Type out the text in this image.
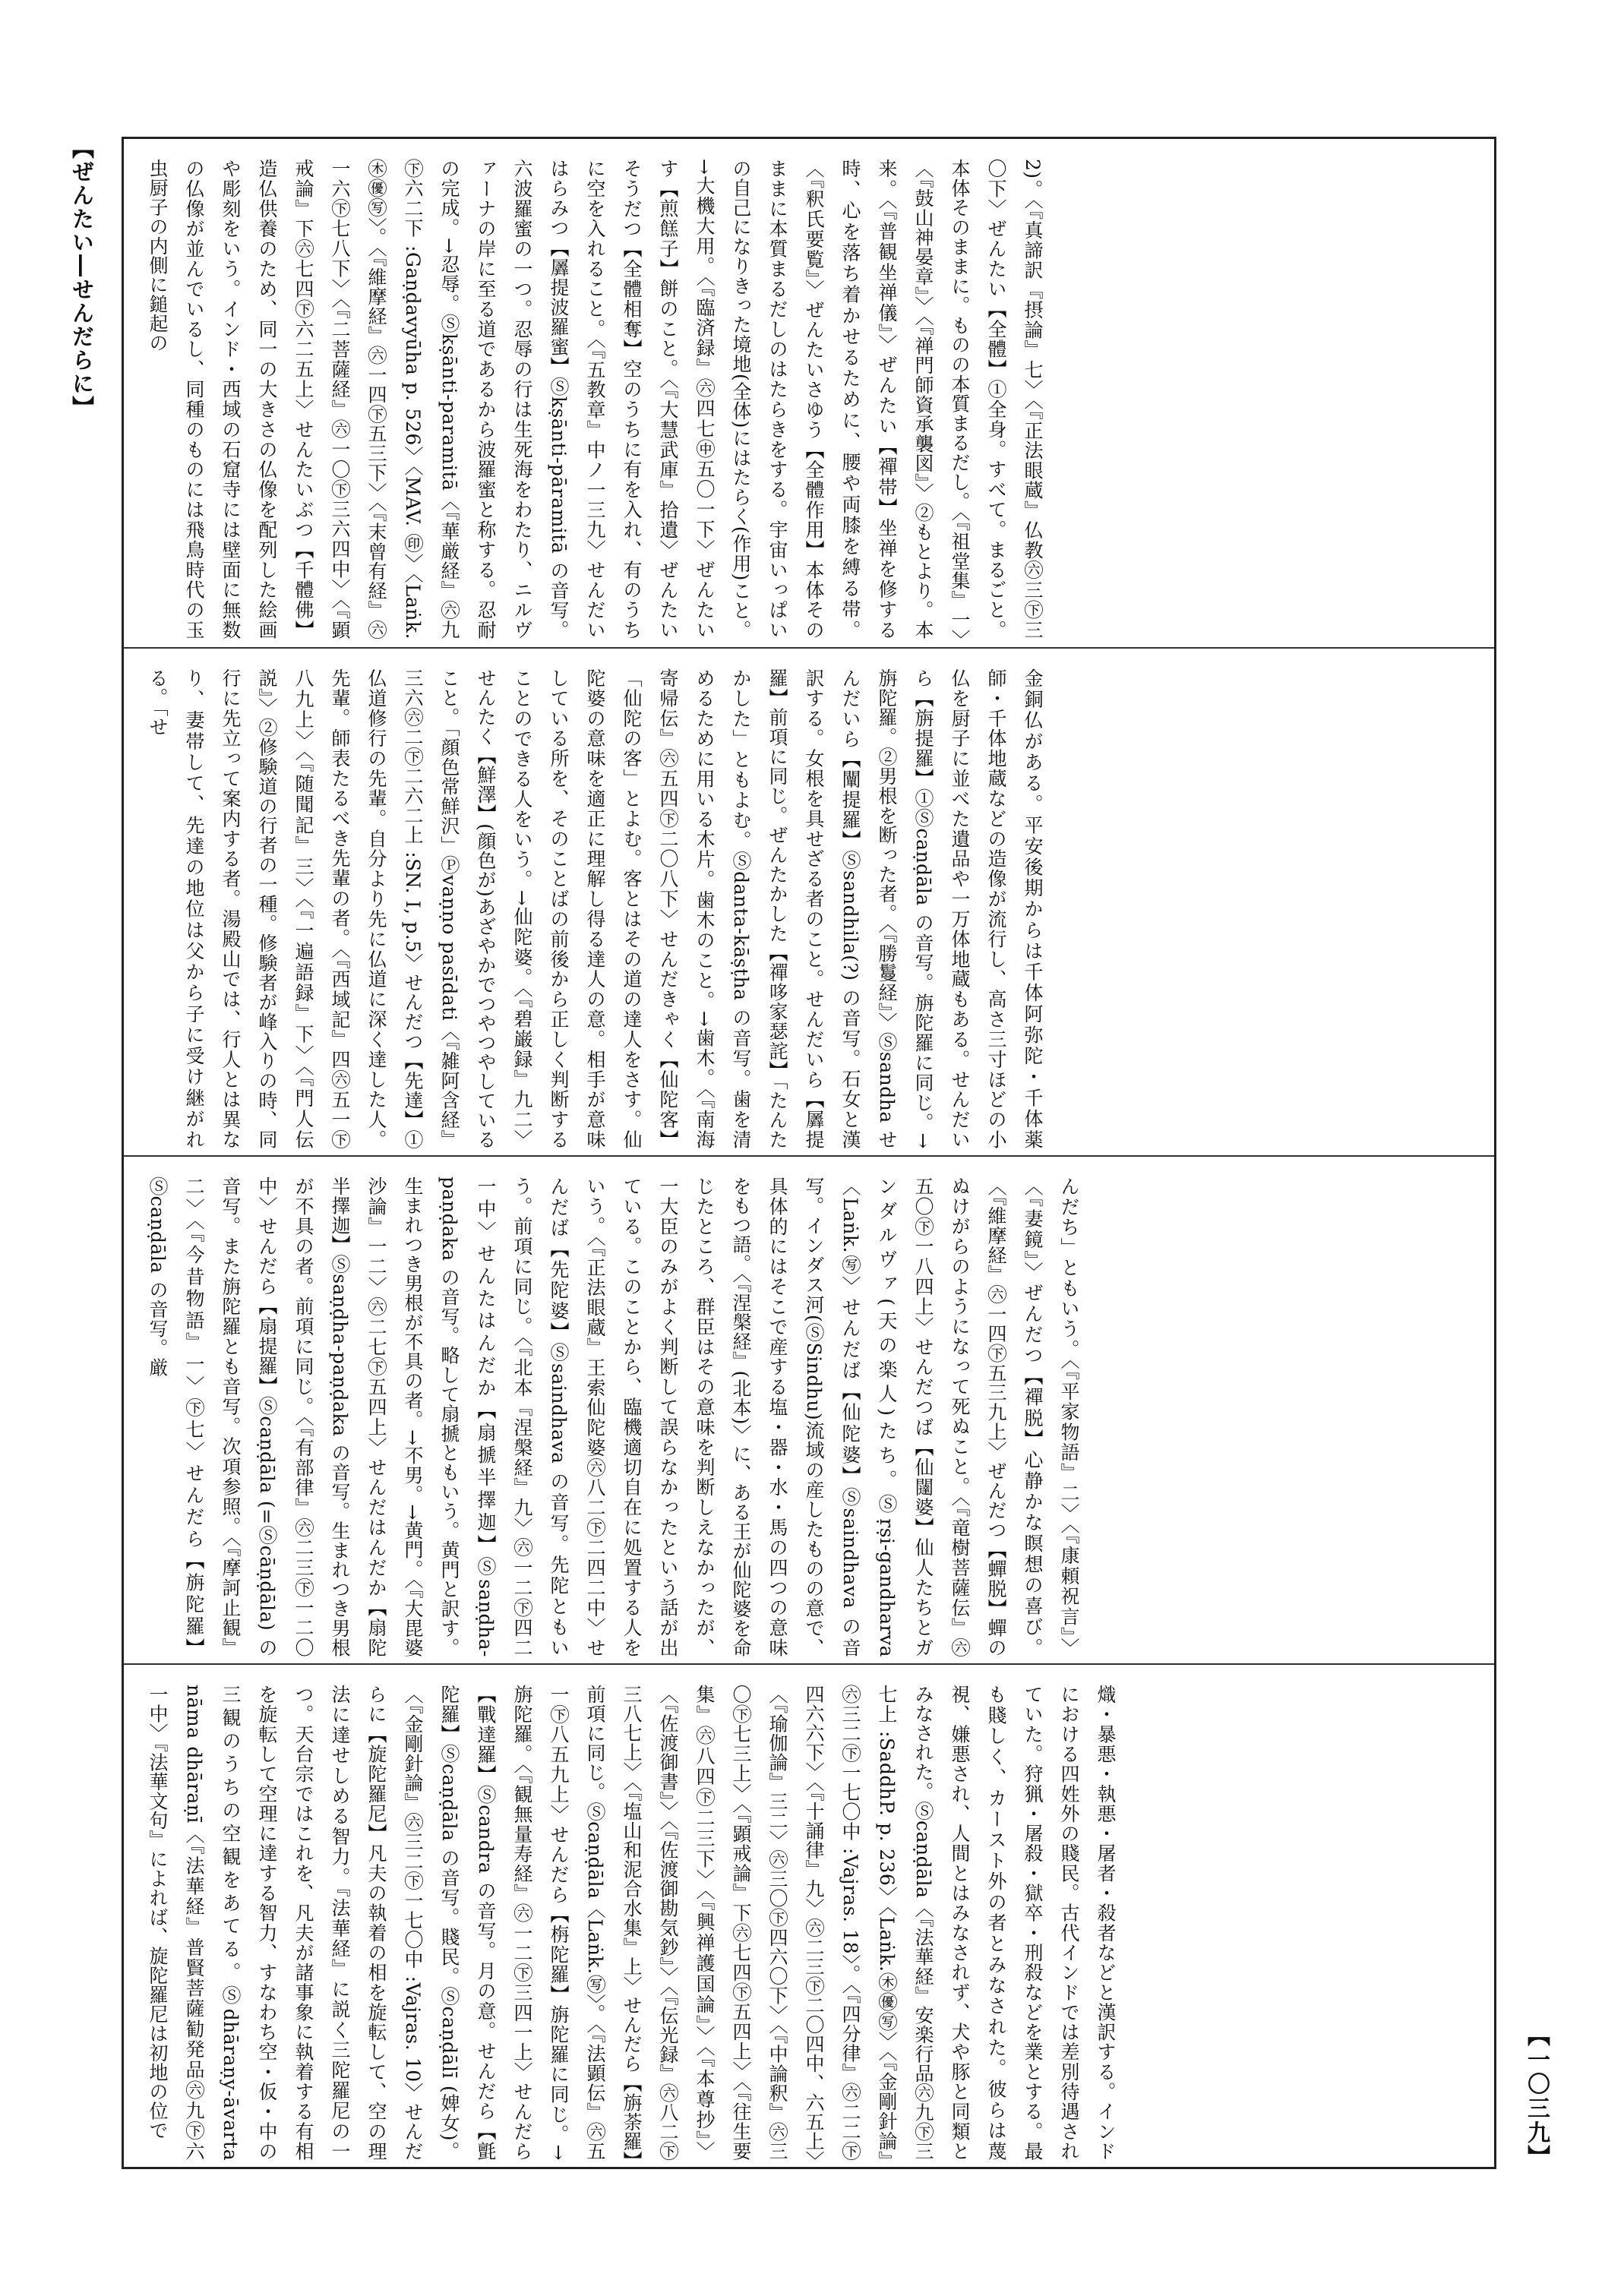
【ぜんたい―せんだらに】	2)。〈『真諦訳『摂論』七〉〈『正法眼蔵』仏教㊅三㊦三〇下〉ぜんたい【全體】①全身。すべて。まるごと。本体そのままに。ものの本質まるだし。〈『祖堂集』一〉〈『鼓山神晏章』〉〈『禅門師資承襲図』〉②もとより。本来。〈『普観坐禅儀』〉ぜんたい【禪帯】坐禅を修する時、心を落ち着かせるために、腰や両膝を縛る帯。〈『釈氏要覧』〉ぜんたいさゆう【全體作用】本体そのままに本質まるだしのはたらきをする。宇宙いっぱいの自己になりきった境地(全体)にはたらく(作用)こと。→大機大用。〈『臨済録』㊅四七㊥五〇一下〉ぜんたいす【煎餻子】餅のこと。〈『大慧武庫』拾遺〉ぜんたいそうだつ【全體相奪】空のうちに有を入れ、有のうちに空を入れること。〈『五教章』中ノ一三九〉せんだいはらみつ【羼提波羅蜜】Ⓢkṣānti-pāramitā の音写。六波羅蜜の一つ。忍辱の行は生死海をわたり、ニルヴァーナの岸に至る道であるから波羅蜜と称する。忍耐の完成。→忍辱。Ⓢkṣānti-paramitā〈『華厳経』㊅九㊦六二下 :Gaṇḍavyūha p. 526〉〈MAV. ㊞〉〈Laṅk.㊍㊝㊢〉。〈『維摩経』㊅一四㊦五三下〉〈『末曾有経』㊅一六㊦七八下〉〈『二菩薩経』㊅一〇㊦三六四中〉〈『顕戒論』下㊅七四㊦六二五上〉せんたいぶつ【千體佛】造仏供養のため、同一の大きさの仏像を配列した絵画や彫刻をいう。インド・西域の石窟寺には壁面に無数の仏像が並んでいるし、同種のものには飛鳥時代の玉虫厨子の内側に鎚起の
金銅仏がある。平安後期からは千体阿弥陀・千体薬師・千体地蔵などの造像が流行し、高さ三寸ほどの小仏を厨子に並べた遺品や一万体地蔵もある。せんだいら【旃提羅】①Ⓢcaṇḍāla の音写。旃陀羅に同じ。→旃陀羅。②男根を断った者。〈『勝鬘経』〉Ⓢsandha せんだいら【闡提羅】Ⓢsandhila(?) の音写。石女と漢訳する。女根を具せざる者のこと。せんだいら【羼提羅】前項に同じ。ぜんたかした【禪哆家瑟詫】「たんたかした」ともよむ。Ⓢdanta-kāṣṭha の音写。歯を清めるために用いる木片。歯木のこと。→歯木。〈『南海寄帰伝』㊅五四㊦二〇八下〉せんだきゃく【仙陀客】「仙陀の客」とよむ。客とはその道の達人をさす。仙陀婆の意味を適正に理解し得る達人の意。相手が意味している所を、そのことばの前後から正しく判断することのできる人をいう。→仙陀婆。〈『碧巌録』九二〉せんたく【鮮澤】(顔色が)あざやかでつやつやしていること。「顔色常鮮沢」Ⓟvaṇṇo pasīdati〈『雑阿含経』三六㊅二㊦二六二上 :SN. I, p.5〉せんだつ【先達】①仏道修行の先輩。自分より先に仏道に深く達した人。先輩。師表たるべき先輩の者。〈『西域記』四㊅五一㊦八九上〉〈『随聞記』三〉〈『一遍語録』下〉〈『門人伝説』〉②修験道の行者の一種。修験者が峰入りの時、同行に先立って案内する者。湯殿山では、行人とは異なり、妻帯して、先達の地位は父から子に受け継がれる。「せ
んだち」ともいう。〈『平家物語』二〉〈『康頼祝言』〉〈『妻鏡』〉ぜんだつ【禪脱】心静かな瞑想の喜び。〈『維摩経』㊅一四㊦五三九上〉ぜんだつ【蟬脱】蟬のぬけがらのようになって死ぬこと。〈『竜樹菩薩伝』㊅五〇㊦一八四上〉せんだつば【仙闥婆】仙人たちとガンダルヴァ(天の楽人)たち。Ⓢṛṣi-gandharva〈Laṅk.㊢〉せんだば【仙陀婆】Ⓢsaindhava の音写。インダス河(ⓈSindhu)流域の産したものの意で、具体的にはそこで産する塩・器・水・馬の四つの意味をもつ語。〈『涅槃経』(北本)〉に、ある王が仙陀婆を命じたところ、群臣はその意味を判断しえなかったが、一大臣のみがよく判断して誤らなかったという話が出ている。このことから、臨機適切自在に処置する人をいう。〈『正法眼蔵』王索仙陀婆㊅八二㊦二四二中〉せんだば【先陀婆】Ⓢsaindhava の音写。先陀ともいう。前項に同じ。〈『北本『涅槃経』九〉㊅一二㊦四二一中〉せんたはんだか【扇搋半擇迦】Ⓢsaṇḍha-paṇḍaka の音写。略して扇搋ともいう。黄門と訳す。生まれつき男根が不具の者。→不男。→黄門。〈『大毘婆沙論』一二〉㊅二七㊦五四上〉せんだはんだか【扇陀半擇迦】Ⓢsaṇḍha-paṇḍaka の音写。生まれつき男根が不具の者。前項に同じ。〈『有部律』㊅二三㊦一二〇中〉せんだら【扇提羅】Ⓢcaṇḍāla (=Ⓢcāṇḍāla) の音写。また旃陀羅とも音写。次項参照。〈『摩訶止観』二〉〈『今昔物語』一〉㊦七〉せんだら【旃陀羅】Ⓢcaṇḍāla の音写。厳
熾・暴悪・執悪・屠者・殺者などと漢訳する。インドにおける四姓外の賤民。古代インドでは差別待遇されていた。狩猟・屠殺・獄卒・刑殺などを業とする。最も賤しく、カースト外の者とみなされた。彼らは蔑視、嫌悪され、人間とはみなされず、犬や豚と同類とみなされた。Ⓢcaṇḍāla〈『法華経』安楽行品㊅九㊦三七上 :SaddhP. p. 236〉〈Laṅk.㊍㊝㊢〉〈『金剛針論』㊅三二㊦一七〇中 :Vajras. 18〉。〈『四分律』㊅二二㊦四六六下〉〈『十誦律』九〉㊅二三㊦二〇四中、六五上〉〈『瑜伽論』三二〉㊅三〇㊦四六〇下〉〈『中論釈』㊅三〇㊦七三上〉〈『顕戒論』下㊅七四㊦五四上〉〈『往生要集』㊅八四㊦二三下〉〈『興禅護国論』〉〈『本尊抄』〉〈『佐渡御書』〉〈『佐渡御勘気鈔』〉〈『伝光録』㊅八二㊦三八七上〉〈『塩山和泥合水集』上〉せんだら【旃荼羅】前項に同じ。Ⓢcaṇḍāla〈Laṅk.㊢〉。〈『法顕伝』㊅五一㊦八五九上〉せんだら【栴陀羅】旃陀羅に同じ。→旃陀羅。〈『観無量寿経』㊅一二㊦三四一上〉せんだら【戰達羅】Ⓢcandra の音写。月の意。せんだら【氈陀羅】Ⓢcaṇḍāla の音写。賤民。Ⓢcaṇḍālī (婢女)。〈『金剛針論』㊅三二㊦一七〇中 :Vajras. 10〉せんだらに【旋陀羅尼】凡夫の執着の相を旋転して、空の理法に達せしめる智力。『法華経』に説く三陀羅尼の一つ。天台宗ではこれを、凡夫が諸事象に執着する有相を旋転して空理に達する智力、すなわち空・仮・中の三観のうちの空観をあてる。Ⓢdhāraṇy-āvarta nāma dhāraṇī〈『法華経』普賢菩薩勧発品㊅九㊦六一中〉『法華文句』によれば、旋陀羅尼は初地の位で	【一〇三九】
